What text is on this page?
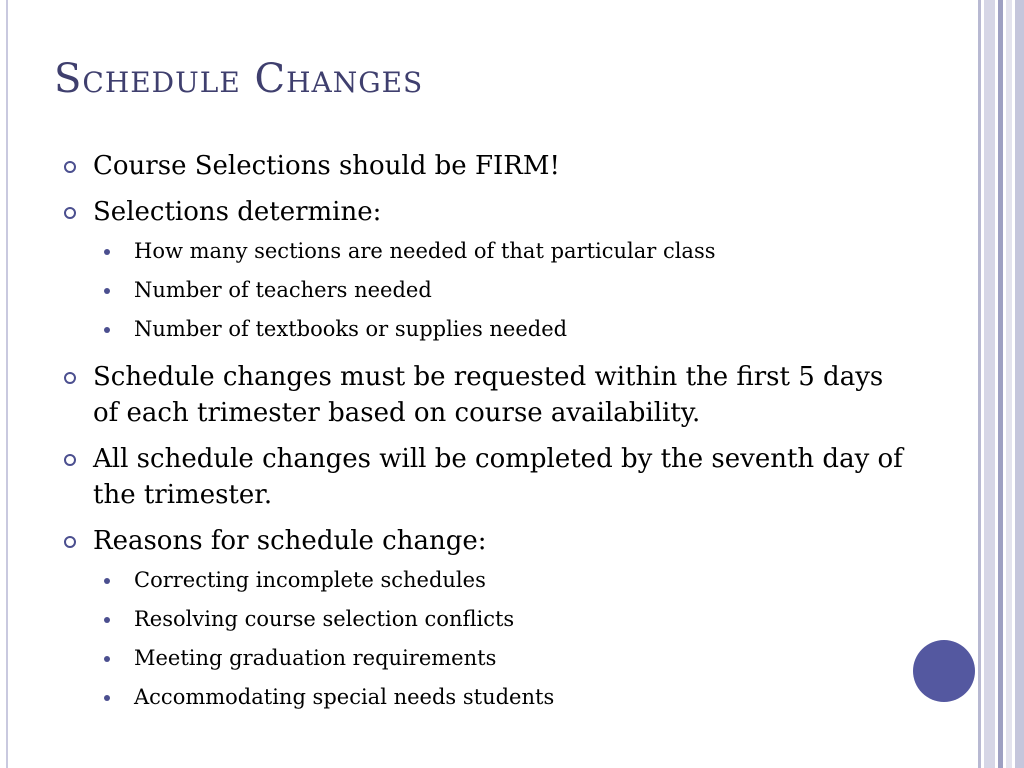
Schedule Changes
Course Selections should be FIRM!
Selections determine:
How many sections are needed of that particular class
Number of teachers needed
Number of textbooks or supplies needed
Schedule changes must be requested within the first 5 days of each trimester based on course availability.
All schedule changes will be completed by the seventh day of the trimester.
Reasons for schedule change:
Correcting incomplete schedules
Resolving course selection conflicts
Meeting graduation requirements
Accommodating special needs students
